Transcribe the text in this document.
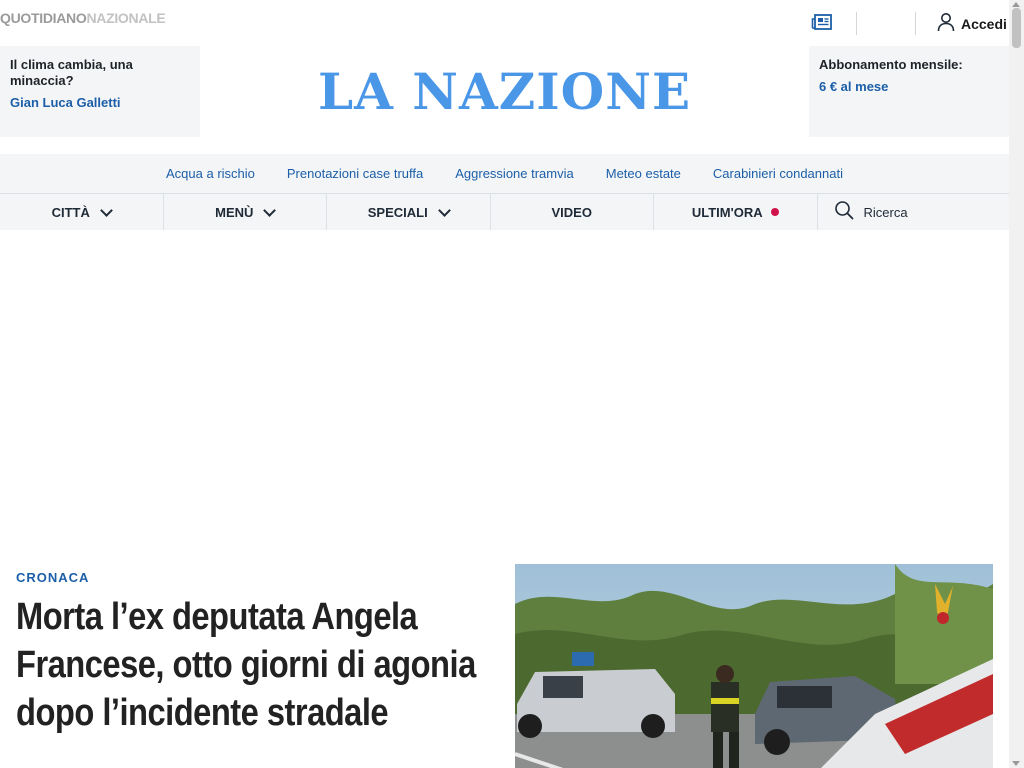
QUOTIDIANONAZIONALE	Accedi
Il clima cambia, una minaccia?
Gian Luca Galletti	LA NAZIONE	Abbonamento mensile:
6 € al mese
Acqua a rischio Prenotazioni case truffa Aggressione tramvia Meteo estate Carabinieri condannati
CITTÀ	MENÙ	SPECIALI	VIDEO	ULTIM'ORA	Ricerca
CRONACA
Morta l’ex deputata Angela Francese, otto giorni di agonia dopo l’incidente stradale
